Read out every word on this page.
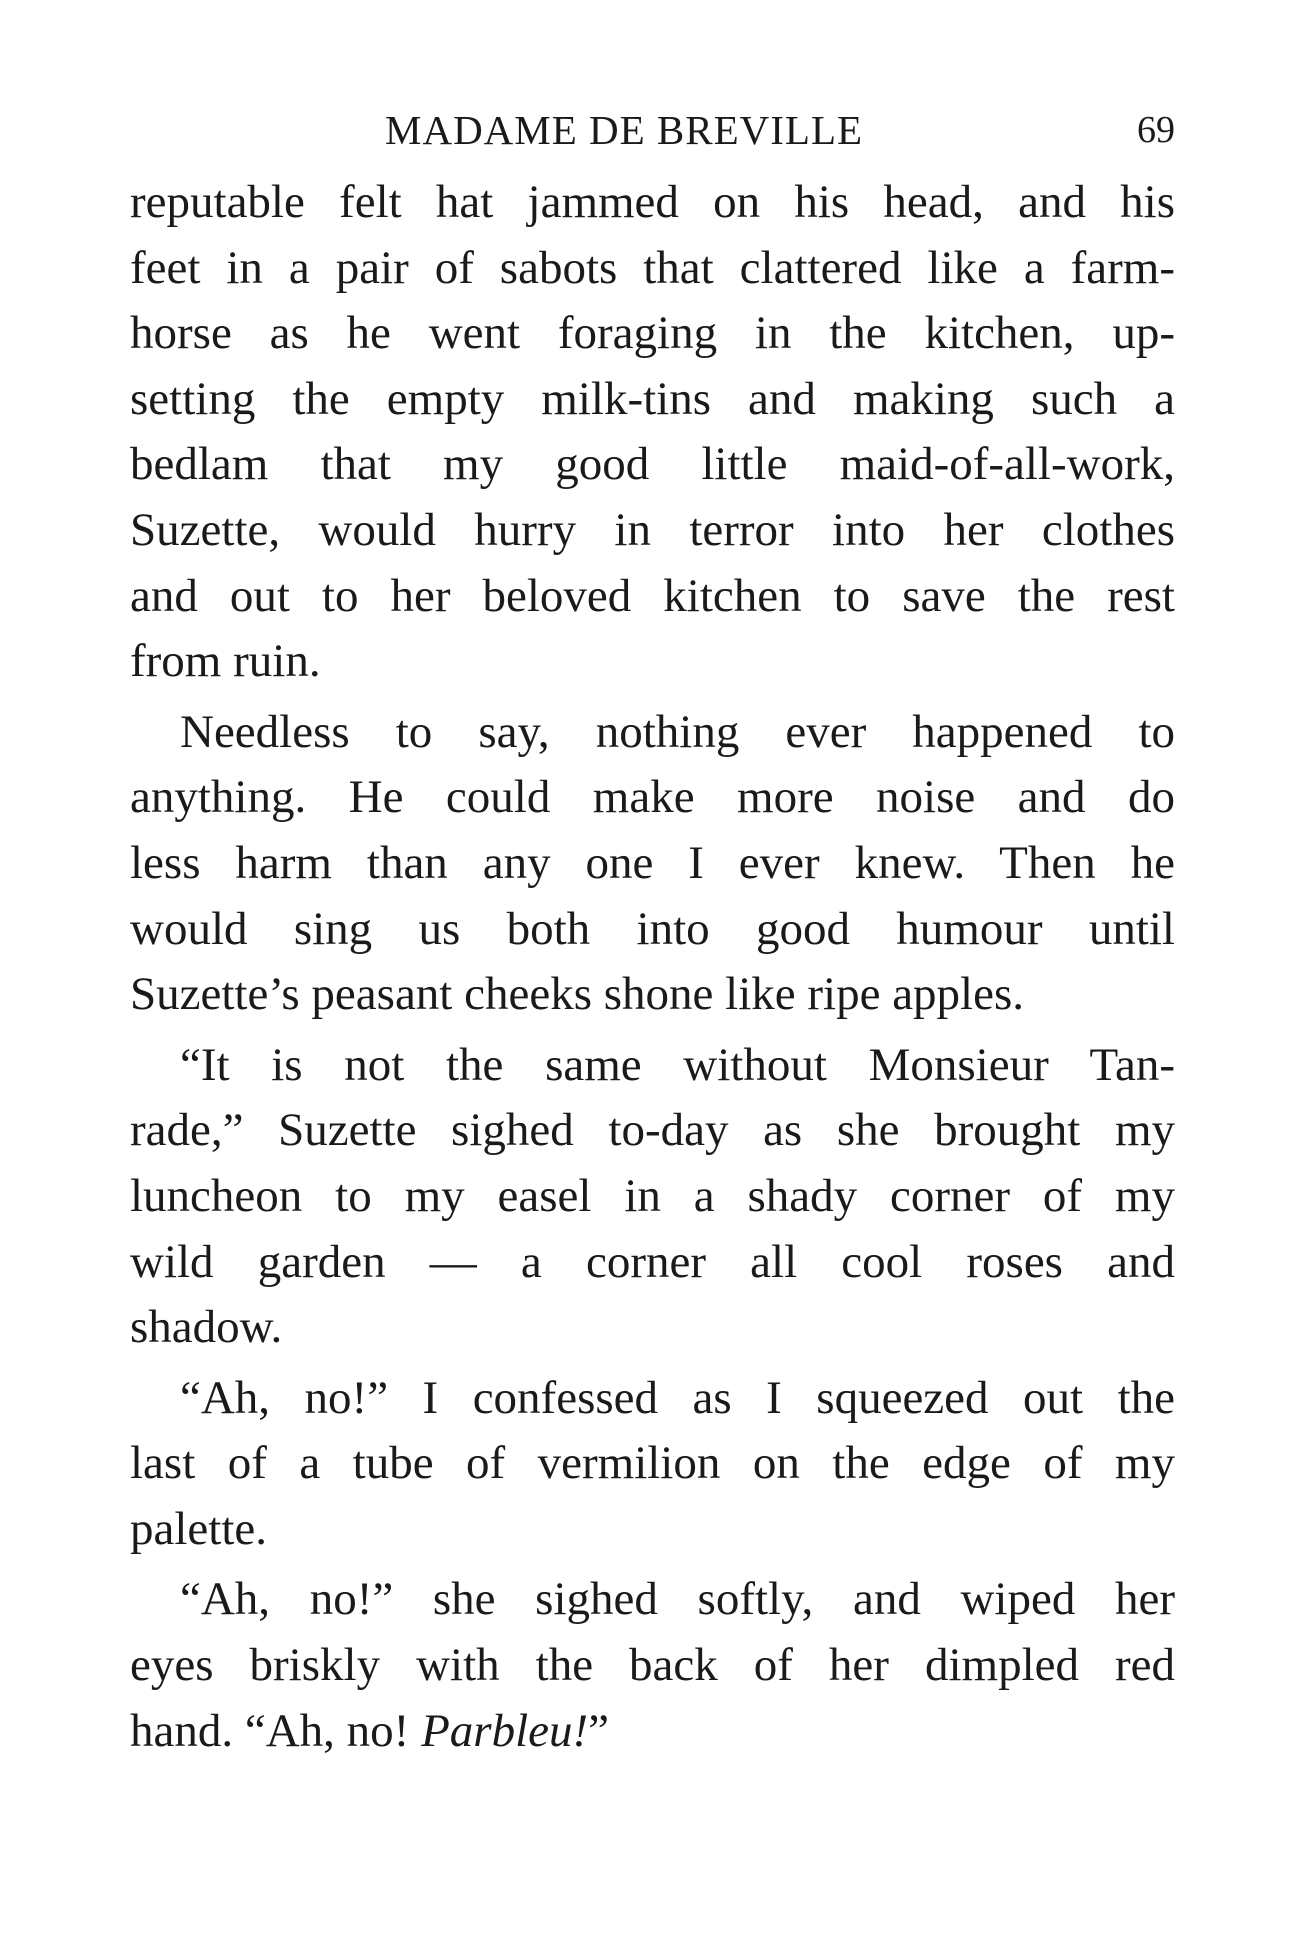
MADAME DE BREVILLE	69
reputable felt hat jammed on his head, and his
feet in a pair of sabots that clattered like a farm-
horse as he went foraging in the kitchen, up-
setting the empty milk-tins and making such a
bedlam that my good little maid-of-all-work,
Suzette, would hurry in terror into her clothes
and out to her beloved kitchen to save the rest
from ruin.
Needless to say, nothing ever happened to
anything. He could make more noise and do
less harm than any one I ever knew. Then he
would sing us both into good humour until
Suzette’s peasant cheeks shone like ripe apples.
“It is not the same without Monsieur Tan-
rade,” Suzette sighed to-day as she brought my
luncheon to my easel in a shady corner of my
wild garden — a corner all cool roses and
shadow.
“Ah, no!” I confessed as I squeezed out the
last of a tube of vermilion on the edge of my
palette.
“Ah, no!” she sighed softly, and wiped her
eyes briskly with the back of her dimpled red
hand. “Ah, no! Parbleu!”
